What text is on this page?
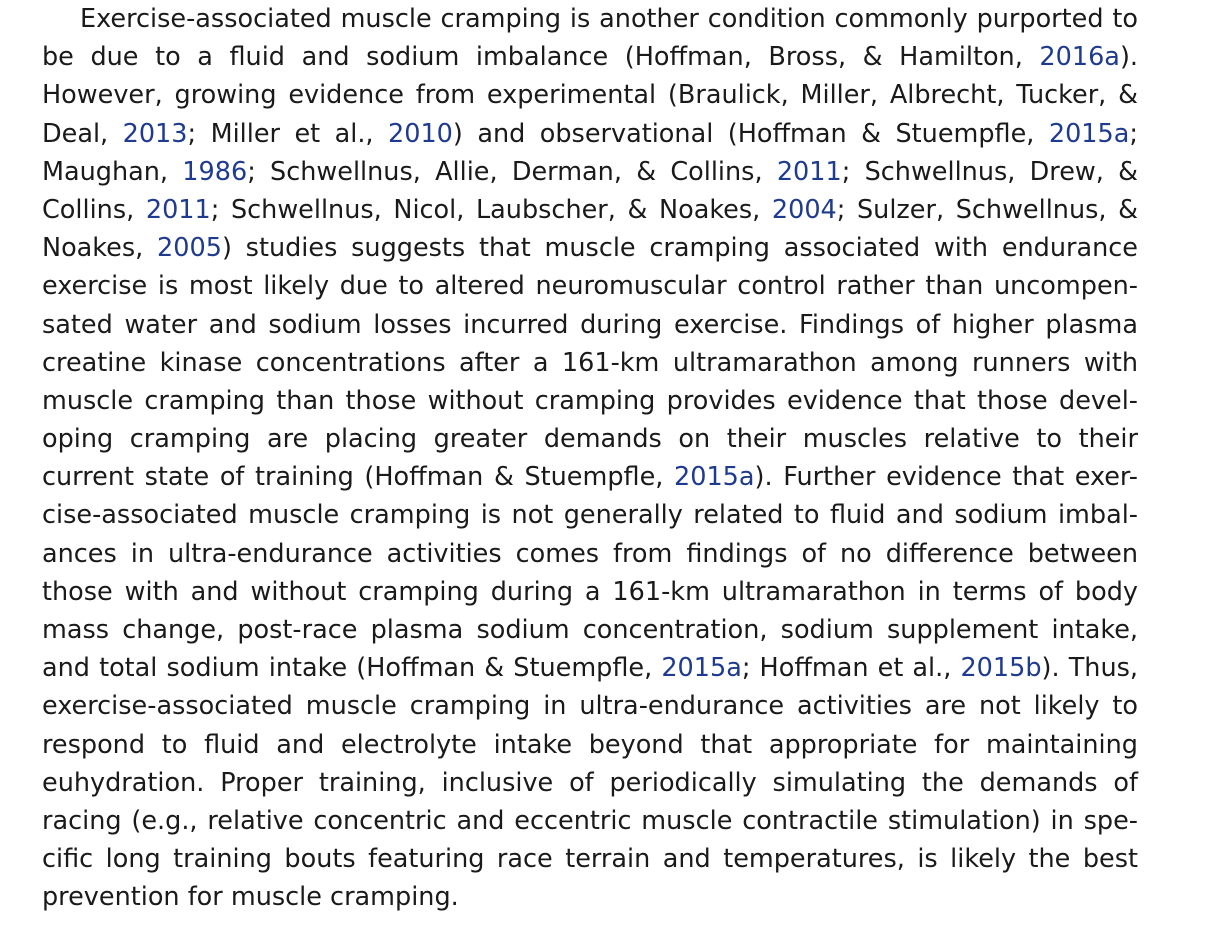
Exercise-associated muscle cramping is another condition commonly purported to
be due to a fluid and sodium imbalance (Hoffman, Bross, & Hamilton, 2016a).
However, growing evidence from experimental (Braulick, Miller, Albrecht, Tucker, &
Deal, 2013; Miller et al., 2010) and observational (Hoffman & Stuempfle, 2015a;
Maughan, 1986; Schwellnus, Allie, Derman, & Collins, 2011; Schwellnus, Drew, &
Collins, 2011; Schwellnus, Nicol, Laubscher, & Noakes, 2004; Sulzer, Schwellnus, &
Noakes, 2005) studies suggests that muscle cramping associated with endurance
exercise is most likely due to altered neuromuscular control rather than uncompen-
sated water and sodium losses incurred during exercise. Findings of higher plasma
creatine kinase concentrations after a 161-km ultramarathon among runners with
muscle cramping than those without cramping provides evidence that those devel-
oping cramping are placing greater demands on their muscles relative to their
current state of training (Hoffman & Stuempfle, 2015a). Further evidence that exer-
cise-associated muscle cramping is not generally related to fluid and sodium imbal-
ances in ultra-endurance activities comes from findings of no difference between
those with and without cramping during a 161-km ultramarathon in terms of body
mass change, post-race plasma sodium concentration, sodium supplement intake,
and total sodium intake (Hoffman & Stuempfle, 2015a; Hoffman et al., 2015b). Thus,
exercise-associated muscle cramping in ultra-endurance activities are not likely to
respond to fluid and electrolyte intake beyond that appropriate for maintaining
euhydration. Proper training, inclusive of periodically simulating the demands of
racing (e.g., relative concentric and eccentric muscle contractile stimulation) in spe-
cific long training bouts featuring race terrain and temperatures, is likely the best
prevention for muscle cramping.
